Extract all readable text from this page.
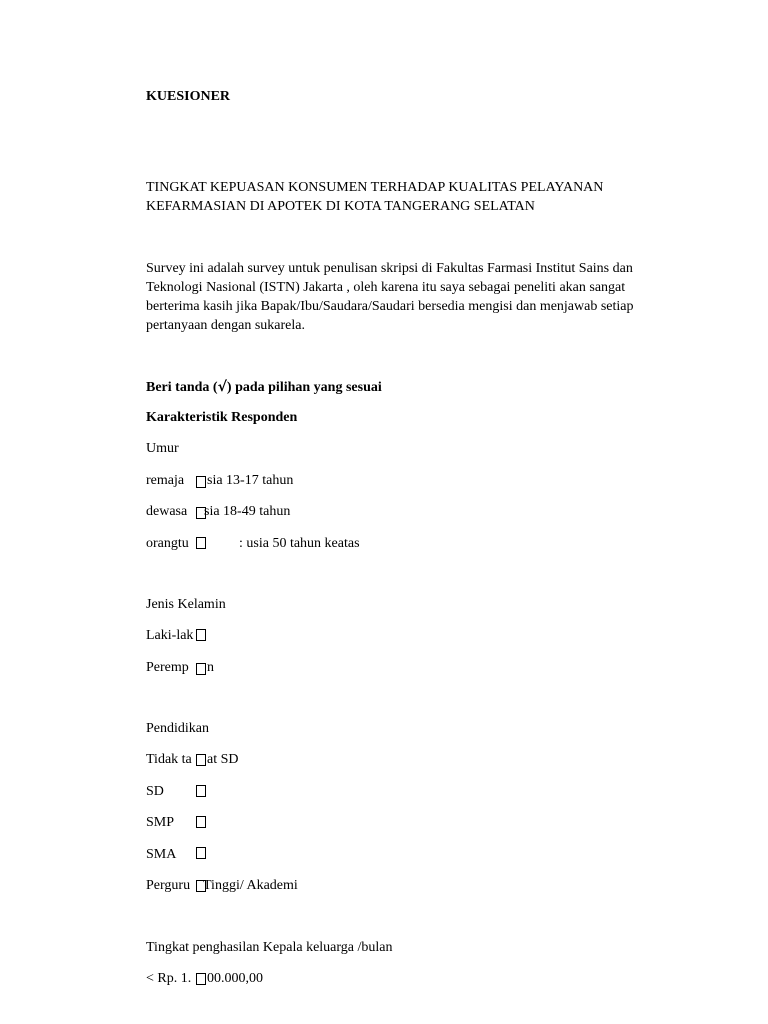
KUESIONER
TINGKAT KEPUASAN KONSUMEN TERHADAP KUALITAS PELAYANAN
KEFARMASIAN DI APOTEK DI KOTA TANGERANG SELATAN

Survey ini adalah survey untuk penulisan skripsi di Fakultas Farmasi Institut Sains dan Teknologi Nasional (ISTN) Jakarta , oleh karena itu saya sebagai peneliti akan sangat berterima kasih jika Bapak/Ibu/Saudara/Saudari bersedia mengisi dan menjawab setiap pertanyaan dengan sukarela.

Beri tanda (√) pada pilihan yang sesuai
Karakteristik Responden
Umur
remaja sia 13-17 tahun
dewasa sia 18-49 tahun
orangtu	: usia 50 tahun keatas
Jenis Kelamin
Laki-lak
Peremp n
Pendidikan
Tidak ta at SD
SD
SMP
SMA
Perguru Tinggi/ Akademi
Tingkat penghasilan Kepala keluarga /bulan
< Rp. 1. 00.000,00
